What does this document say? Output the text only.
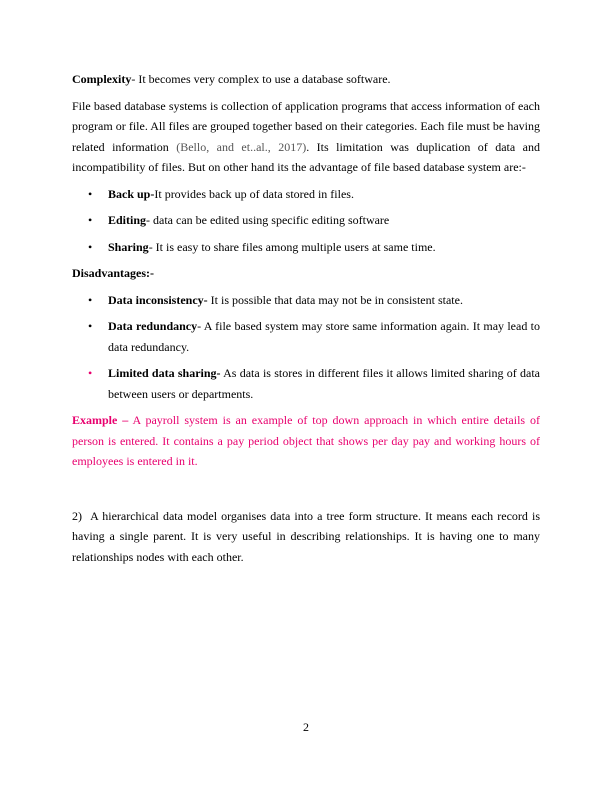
Complexity- It becomes very complex to use a database software.

File based database systems is collection of application programs that access information of each program or file. All files are grouped together based on their categories. Each file must be having related information (Bello, and et..al., 2017). Its limitation was duplication of data and incompatibility of files. But on other hand its the advantage of file based database system are:-

• Back up-It provides back up of data stored in files.
• Editing- data can be edited using specific editing software
• Sharing- It is easy to share files among multiple users at same time.

Disadvantages:-

• Data inconsistency- It is possible that data may not be in consistent state.
• Data redundancy- A file based system may store same information again. It may lead to data redundancy.
• Limited data sharing- As data is stores in different files it allows limited sharing of data between users or departments.

Example – A payroll system is an example of top down approach in which entire details of person is entered. It contains a pay period object that shows per day pay and working hours of employees is entered in it.

2) A hierarchical data model organises data into a tree form structure. It means each record is having a single parent. It is very useful in describing relationships. It is having one to many relationships nodes with each other.

2
